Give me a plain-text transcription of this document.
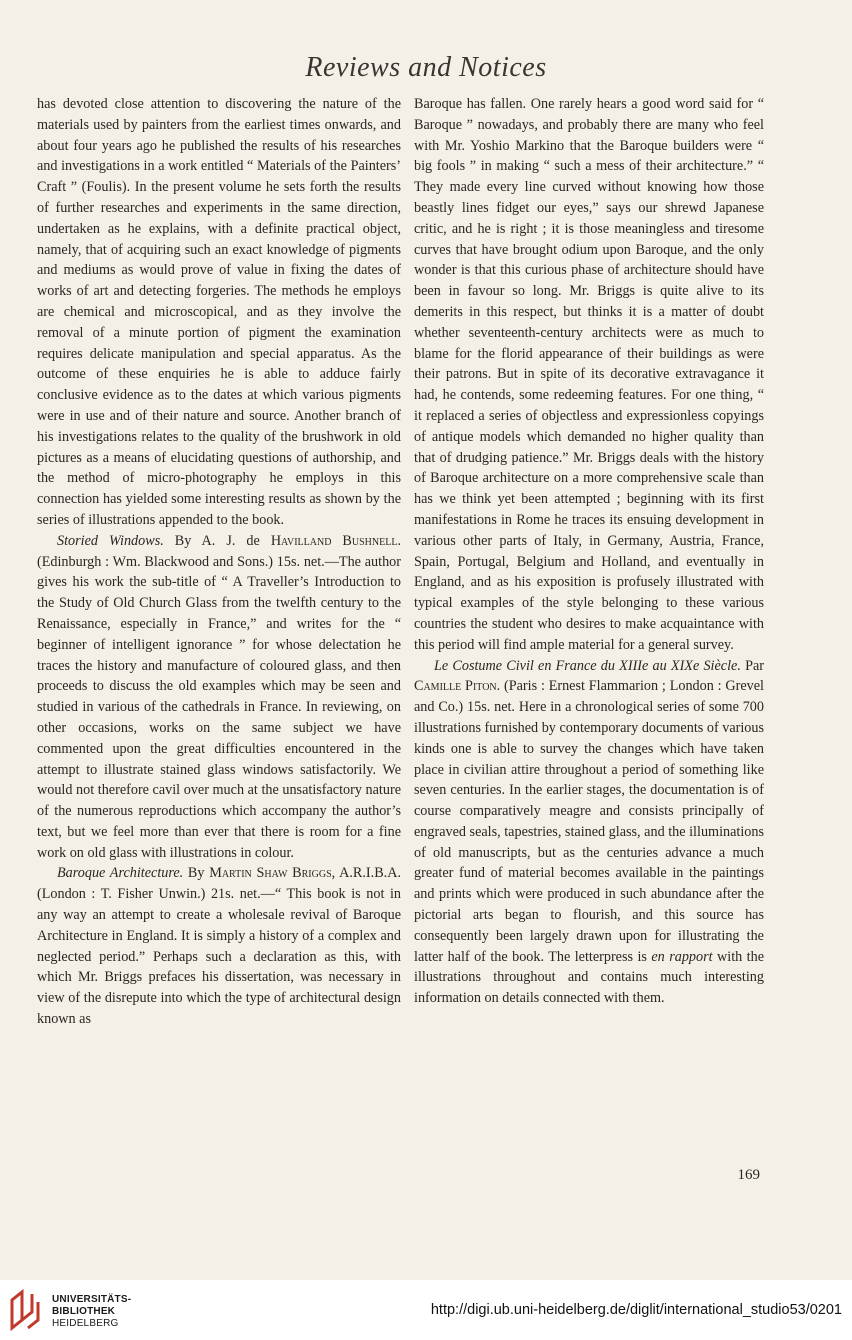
Reviews and Notices

has devoted close attention to discovering the nature of the materials used by painters from the earliest times onwards, and about four years ago he published the results of his researches and investigations in a work entitled “ Materials of the Painters’ Craft ” (Foulis). In the present volume he sets forth the results of further researches and experiments in the same direction, undertaken as he explains, with a definite practical object, namely, that of acquiring such an exact knowledge of pigments and mediums as would prove of value in fixing the dates of works of art and detecting forgeries. The methods he employs are chemical and microscopical, and as they involve the removal of a minute portion of pigment the examination requires delicate manipulation and special apparatus. As the outcome of these enquiries he is able to adduce fairly conclusive evidence as to the dates at which various pigments were in use and of their nature and source. Another branch of his investigations relates to the quality of the brushwork in old pictures as a means of elucidating questions of authorship, and the method of micro-photography he employs in this connection has yielded some interesting results as shown by the series of illustrations appended to the book.

Storied Windows. By A. J. de Havilland Bushnell. (Edinburgh : Wm. Blackwood and Sons.) 15s. net.—The author gives his work the sub-title of “ A Traveller’s Introduction to the Study of Old Church Glass from the twelfth century to the Renaissance, especially in France,” and writes for the “ beginner of intelligent ignorance ” for whose delectation he traces the history and manufacture of coloured glass, and then proceeds to discuss the old examples which may be seen and studied in various of the cathedrals in France. In reviewing, on other occasions, works on the same subject we have commented upon the great difficulties encountered in the attempt to illustrate stained glass windows satisfactorily. We would not therefore cavil over much at the unsatisfactory nature of the numerous reproductions which accompany the author’s text, but we feel more than ever that there is room for a fine work on old glass with illustrations in colour.

Baroque Architecture. By Martin Shaw Briggs, A.R.I.B.A. (London : T. Fisher Unwin.) 21s. net.—“ This book is not in any way an attempt to create a wholesale revival of Baroque Architecture in England. It is simply a history of a complex and neglected period.” Perhaps such a declaration as this, with which Mr. Briggs prefaces his dissertation, was necessary in view of the disrepute into which the type of architectural design known as

Baroque has fallen. One rarely hears a good word said for “ Baroque ” nowadays, and probably there are many who feel with Mr. Yoshio Markino that the Baroque builders were “ big fools ” in making “ such a mess of their architecture.” “ They made every line curved without knowing how those beastly lines fidget our eyes,” says our shrewd Japanese critic, and he is right ; it is those meaningless and tiresome curves that have brought odium upon Baroque, and the only wonder is that this curious phase of architecture should have been in favour so long. Mr. Briggs is quite alive to its demerits in this respect, but thinks it is a matter of doubt whether seventeenth-century architects were as much to blame for the florid appearance of their buildings as were their patrons. But in spite of its decorative extravagance it had, he contends, some redeeming features. For one thing, “ it replaced a series of objectless and expressionless copyings of antique models which demanded no higher quality than that of drudging patience.” Mr. Briggs deals with the history of Baroque architecture on a more comprehensive scale than has we think yet been attempted ; beginning with its first manifestations in Rome he traces its ensuing development in various other parts of Italy, in Germany, Austria, France, Spain, Portugal, Belgium and Holland, and eventually in England, and as his exposition is profusely illustrated with typical examples of the style belonging to these various countries the student who desires to make acquaintance with this period will find ample material for a general survey.

Le Costume Civil en France du XIIIe au XIXe Siècle. Par Camille Piton. (Paris : Ernest Flammarion ; London : Grevel and Co.) 15s. net. Here in a chronological series of some 700 illustrations furnished by contemporary documents of various kinds one is able to survey the changes which have taken place in civilian attire throughout a period of something like seven centuries. In the earlier stages, the documentation is of course comparatively meagre and consists principally of engraved seals, tapestries, stained glass, and the illuminations of old manuscripts, but as the centuries advance a much greater fund of material becomes available in the paintings and prints which were produced in such abundance after the pictorial arts began to flourish, and this source has consequently been largely drawn upon for illustrating the latter half of the book. The letterpress is en rapport with the illustrations throughout and contains much interesting information on details connected with them.

169
UNIVERSITÄTS-
BIBLIOTHEK
HEIDELBERG
http://digi.ub.uni-heidelberg.de/diglit/international_studio53/0201
